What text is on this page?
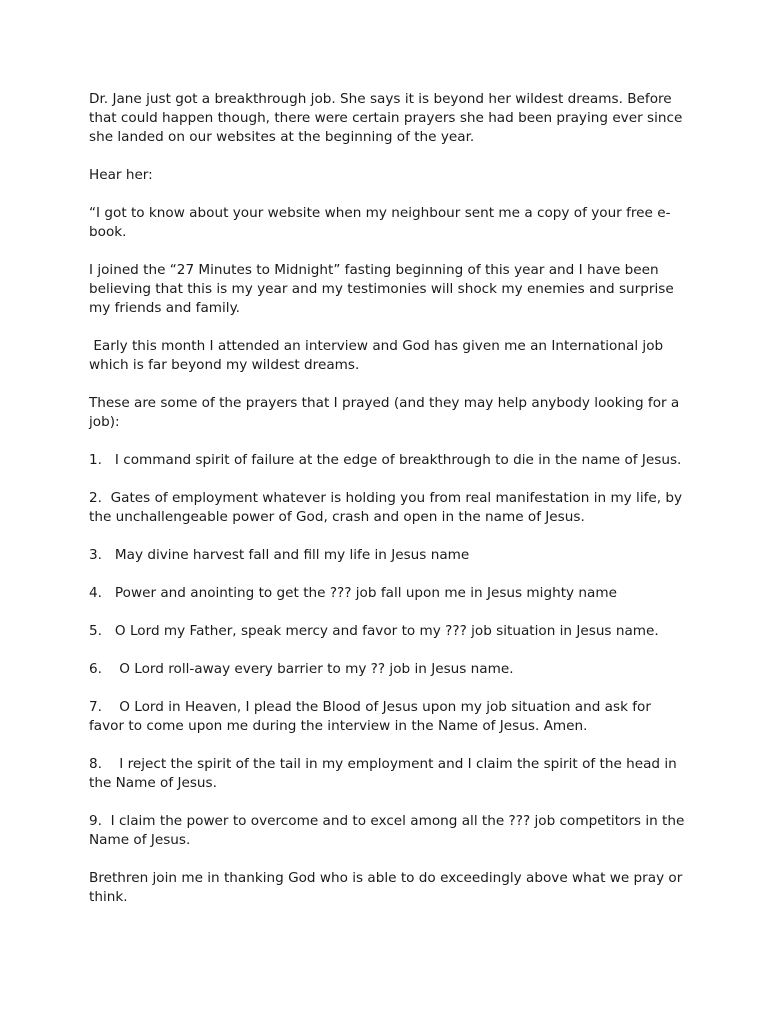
Dr. Jane just got a breakthrough job. She says it is beyond her wildest dreams. Before that could happen though, there were certain prayers she had been praying ever since she landed on our websites at the beginning of the year.

Hear her:

“I got to know about your website when my neighbour sent me a copy of your free e-book.

I joined the “27 Minutes to Midnight” fasting beginning of this year and I have been believing that this is my year and my testimonies will shock my enemies and surprise my friends and family.

Early this month I attended an interview and God has given me an International job which is far beyond my wildest dreams.

These are some of the prayers that I prayed (and they may help anybody looking for a job):

1.   I command spirit of failure at the edge of breakthrough to die in the name of Jesus.

2.  Gates of employment whatever is holding you from real manifestation in my life, by the unchallengeable power of God, crash and open in the name of Jesus.

3.   May divine harvest fall and fill my life in Jesus name

4.   Power and anointing to get the ??? job fall upon me in Jesus mighty name

5.   O Lord my Father, speak mercy and favor to my ??? job situation in Jesus name.

6.    O Lord roll-away every barrier to my ?? job in Jesus name.

7.    O Lord in Heaven, I plead the Blood of Jesus upon my job situation and ask for favor to come upon me during the interview in the Name of Jesus. Amen.

8.    I reject the spirit of the tail in my employment and I claim the spirit of the head in the Name of Jesus.

9.  I claim the power to overcome and to excel among all the ??? job competitors in the Name of Jesus.

Brethren join me in thanking God who is able to do exceedingly above what we pray or think.
